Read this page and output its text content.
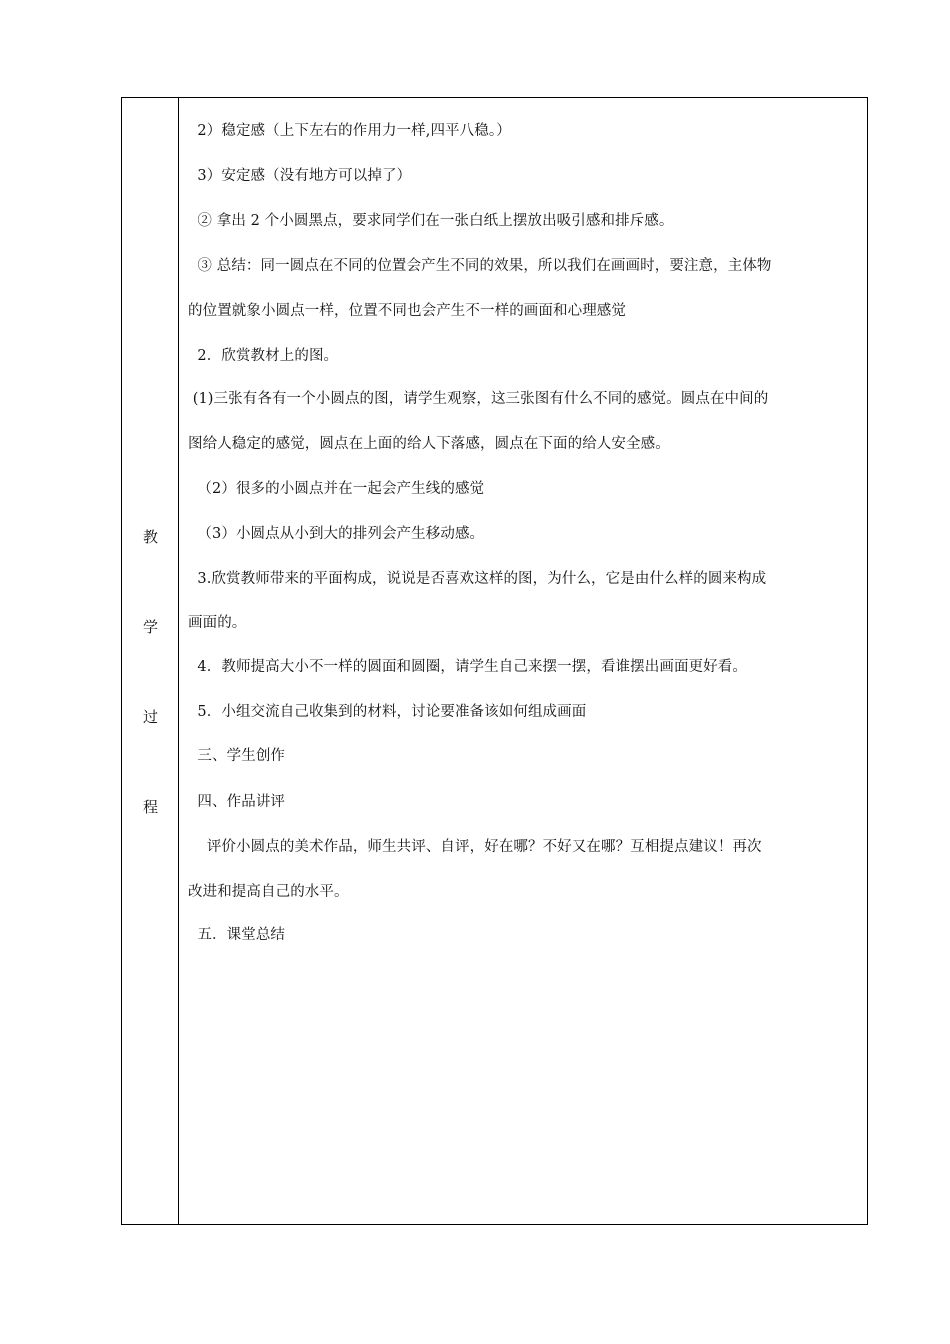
教
学
过
程
2）稳定感（上下左右的作用力一样,四平八稳。）
3）安定感（没有地方可以掉了）
② 拿出 2 个小圆黑点，要求同学们在一张白纸上摆放出吸引感和排斥感。
③ 总结：同一圆点在不同的位置会产生不同的效果，所以我们在画画时，要注意，主体物
的位置就象小圆点一样，位置不同也会产生不一样的画面和心理感觉
2．欣赏教材上的图。
(1)三张有各有一个小圆点的图，请学生观察，这三张图有什么不同的感觉。圆点在中间的
图给人稳定的感觉，圆点在上面的给人下落感，圆点在下面的给人安全感。
（2）很多的小圆点并在一起会产生线的感觉
（3）小圆点从小到大的排列会产生移动感。
3.欣赏教师带来的平面构成，说说是否喜欢这样的图，为什么，它是由什么样的圆来构成
画面的。
4．教师提高大小不一样的圆面和圆圈，请学生自己来摆一摆，看谁摆出画面更好看。
5．小组交流自己收集到的材料，讨论要准备该如何组成画面
三、学生创作
四、作品讲评
评价小圆点的美术作品，师生共评、自评，好在哪？不好又在哪？互相提点建议！再次
改进和提高自己的水平。
五．课堂总结
